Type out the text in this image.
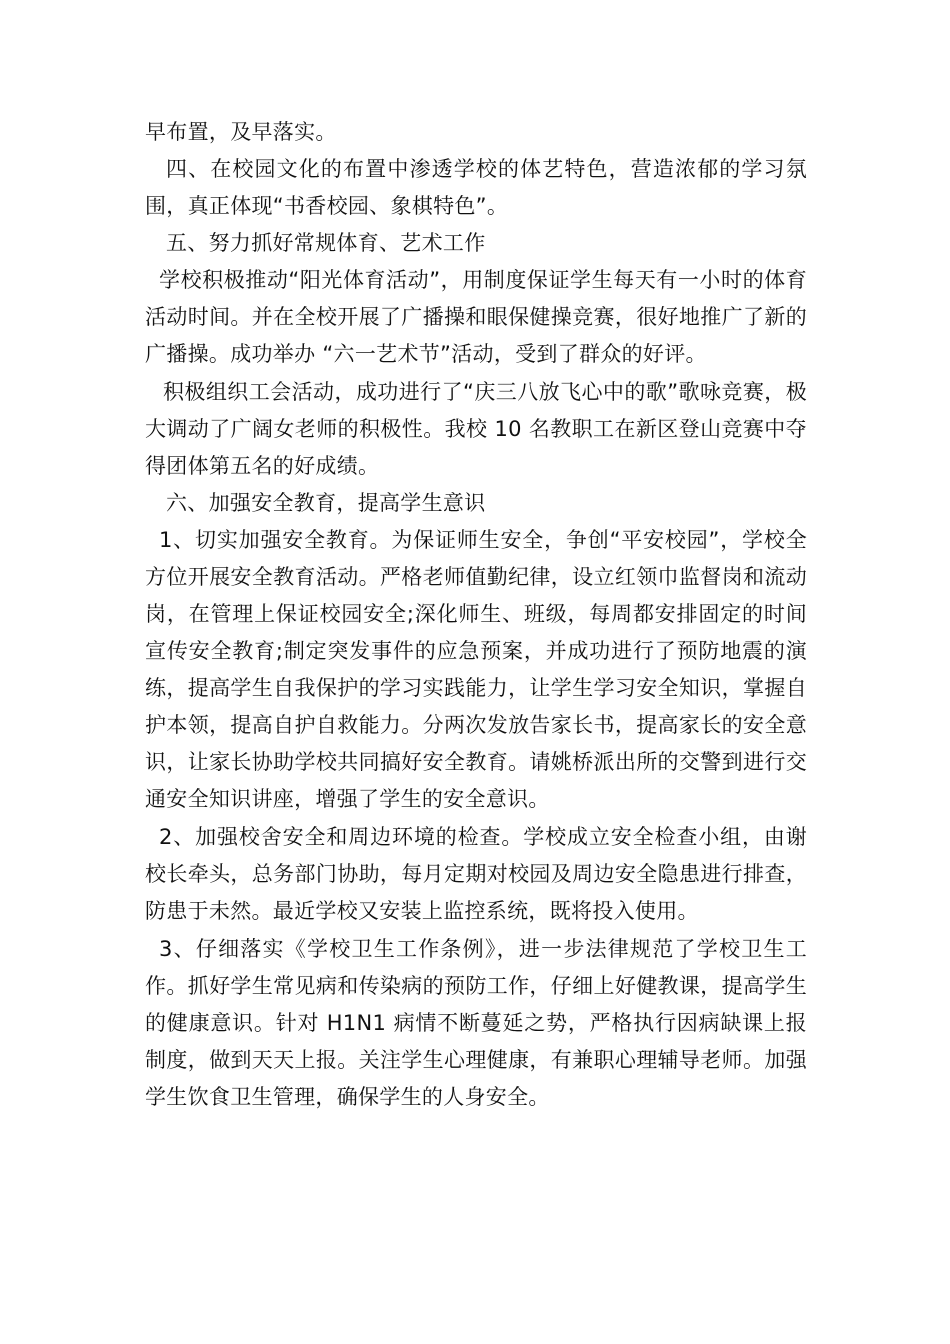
早布置，及早落实。

四、在校园文化的布置中渗透学校的体艺特色，营造浓郁的学习氛围，真正体现“书香校园、象棋特色”。

五、努力抓好常规体育、艺术工作

学校积极推动“阳光体育活动”，用制度保证学生每天有一小时的体育活动时间。并在全校开展了广播操和眼保健操竞赛，很好地推广了新的广播操。成功举办 “六一艺术节”活动，受到了群众的好评。

积极组织工会活动，成功进行了“庆三八放飞心中的歌”歌咏竞赛，极大调动了广阔女老师的积极性。我校 10 名教职工在新区登山竞赛中夺得团体第五名的好成绩。

六、加强安全教育，提高学生意识

1、切实加强安全教育。为保证师生安全，争创“平安校园”，学校全方位开展安全教育活动。严格老师值勤纪律，设立红领巾监督岗和流动岗，在管理上保证校园安全;深化师生、班级，每周都安排固定的时间宣传安全教育;制定突发事件的应急预案，并成功进行了预防地震的演练，提高学生自我保护的学习实践能力，让学生学习安全知识，掌握自护本领，提高自护自救能力。分两次发放告家长书，提高家长的安全意识，让家长协助学校共同搞好安全教育。请姚桥派出所的交警到进行交通安全知识讲座，增强了学生的安全意识。

2、加强校舍安全和周边环境的检查。学校成立安全检查小组，由谢校长牵头，总务部门协助，每月定期对校园及周边安全隐患进行排查，防患于未然。最近学校又安装上监控系统，既将投入使用。

3、仔细落实《学校卫生工作条例》，进一步法律规范了学校卫生工作。抓好学生常见病和传染病的预防工作，仔细上好健教课，提高学生的健康意识。针对 H1N1 病情不断蔓延之势，严格执行因病缺课上报制度，做到天天上报。关注学生心理健康，有兼职心理辅导老师。加强学生饮食卫生管理，确保学生的人身安全。
